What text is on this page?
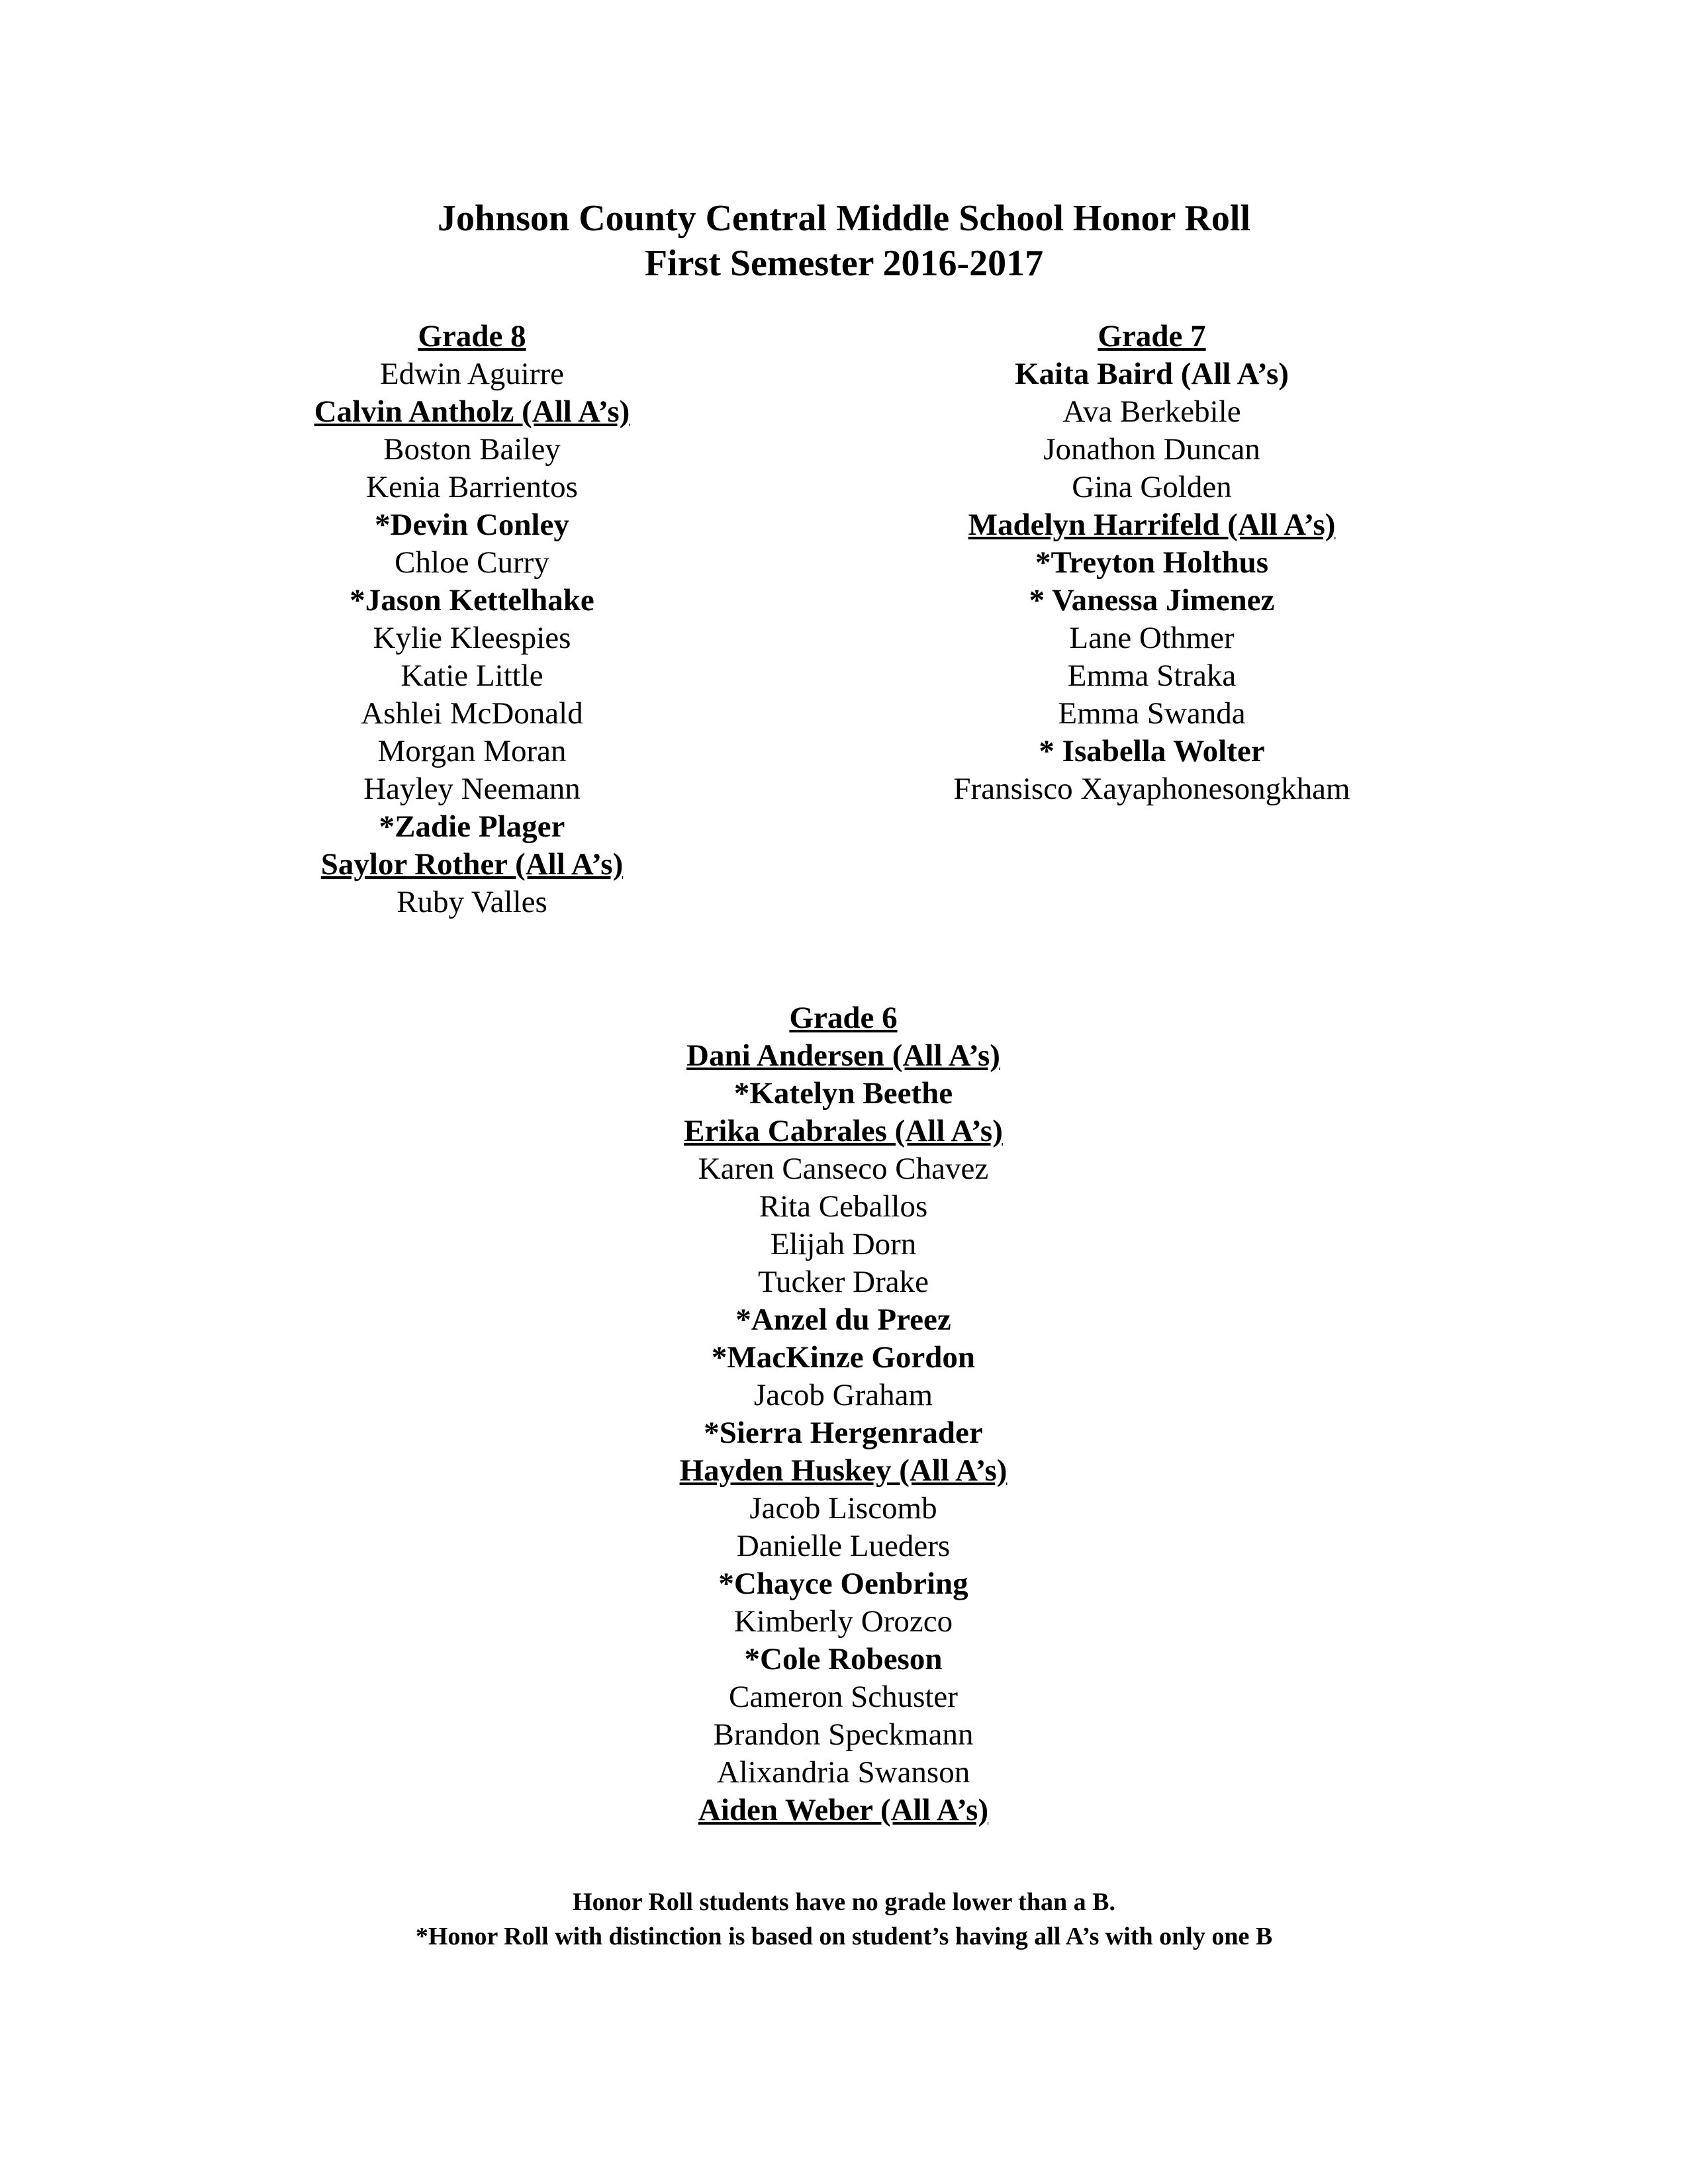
Johnson County Central Middle School Honor Roll
First Semester 2016-2017
Grade 8
Edwin Aguirre
Calvin Antholz (All A’s)
Boston Bailey
Kenia Barrientos
*Devin Conley
Chloe Curry
*Jason Kettelhake
Kylie Kleespies
Katie Little
Ashlei McDonald
Morgan Moran
Hayley Neemann
*Zadie Plager
Saylor Rother (All A’s)
Ruby Valles
Grade 7
Kaita Baird (All A’s)
Ava Berkebile
Jonathon Duncan
Gina Golden
Madelyn Harrifeld (All A’s)
*Treyton Holthus
* Vanessa Jimenez
Lane Othmer
Emma Straka
Emma Swanda
* Isabella Wolter
Fransisco Xayaphonesongkham
Grade 6
Dani Andersen (All A’s)
*Katelyn Beethe
Erika Cabrales (All A’s)
Karen Canseco Chavez
Rita Ceballos
Elijah Dorn
Tucker Drake
*Anzel du Preez
*MacKinze Gordon
Jacob Graham
*Sierra Hergenrader
Hayden Huskey (All A’s)
Jacob Liscomb
Danielle Lueders
*Chayce Oenbring
Kimberly Orozco
*Cole Robeson
Cameron Schuster
Brandon Speckmann
Alixandria Swanson
Aiden Weber (All A’s)
Honor Roll students have no grade lower than a B.
*Honor Roll with distinction is based on student’s having all A’s with only one B
